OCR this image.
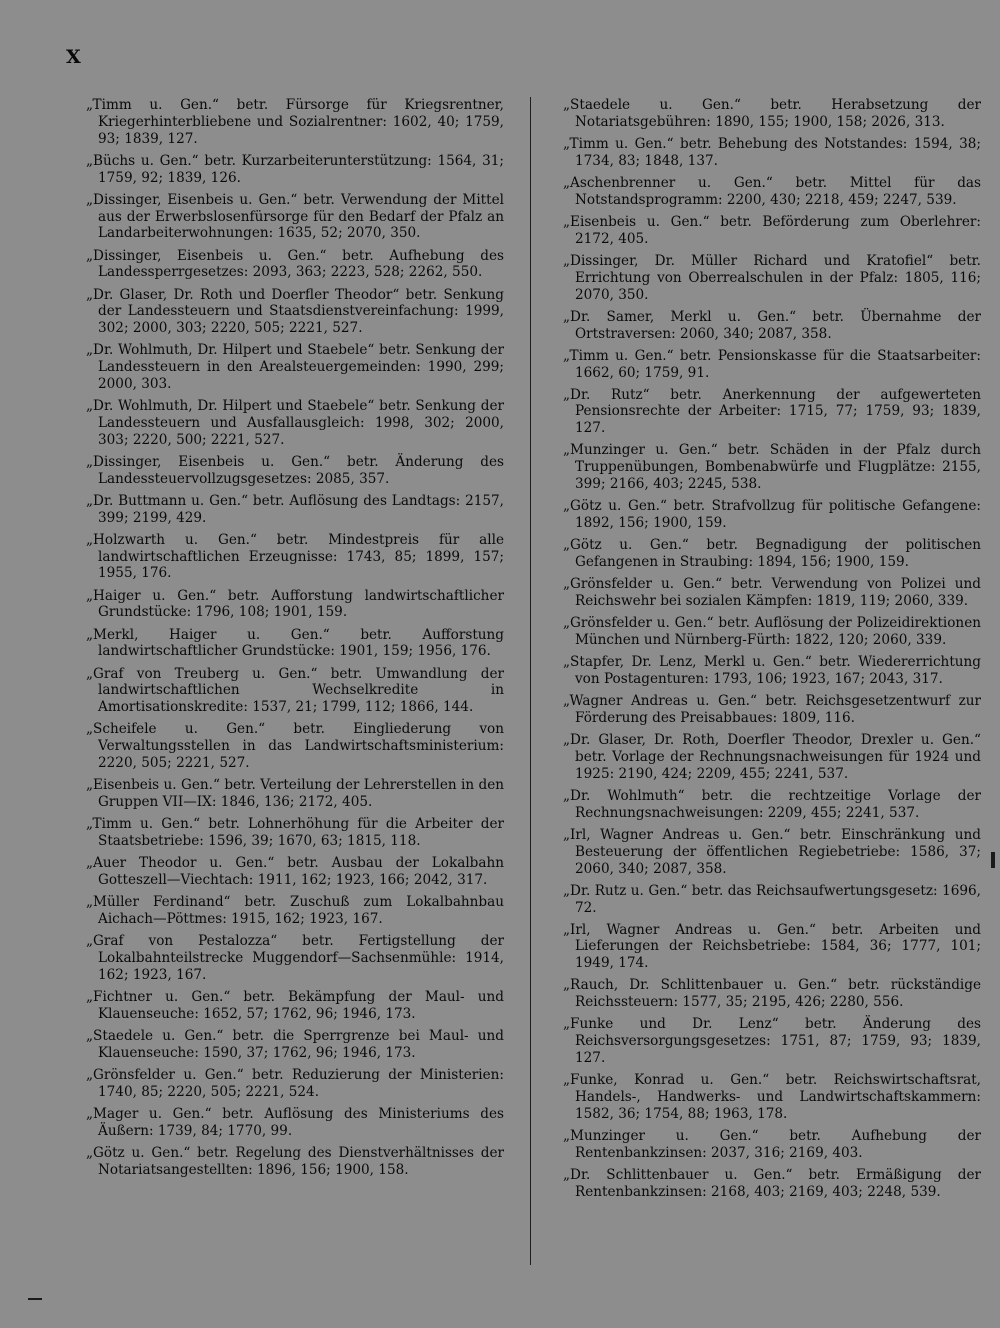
X

„Timm u. Gen.“ betr. Fürsorge für Kriegsrentner, Kriegerhinterbliebene und Sozialrentner: 1602, 40; 1759, 93; 1839, 127.

„Büchs u. Gen.“ betr. Kurzarbeiterunterstützung: 1564, 31; 1759, 92; 1839, 126.

„Dissinger, Eisenbeis u. Gen.“ betr. Verwendung der Mittel aus der Erwerbslosenfürsorge für den Bedarf der Pfalz an Landarbeiterwohnungen: 1635, 52; 2070, 350.

„Dissinger, Eisenbeis u. Gen.“ betr. Aufhebung des Landessperrgesetzes: 2093, 363; 2223, 528; 2262, 550.

„Dr. Glaser, Dr. Roth und Doerfler Theodor“ betr. Senkung der Landessteuern und Staatsdienstvereinfachung: 1999, 302; 2000, 303; 2220, 505; 2221, 527.

„Dr. Wohlmuth, Dr. Hilpert und Staebele“ betr. Senkung der Landessteuern in den Arealsteuergemeinden: 1990, 299; 2000, 303.

„Dr. Wohlmuth, Dr. Hilpert und Staebele“ betr. Senkung der Landessteuern und Ausfallausgleich: 1998, 302; 2000, 303; 2220, 500; 2221, 527.

„Dissinger, Eisenbeis u. Gen.“ betr. Änderung des Landessteuervollzugsgesetzes: 2085, 357.

„Dr. Buttmann u. Gen.“ betr. Auflösung des Landtags: 2157, 399; 2199, 429.

„Holzwarth u. Gen.“ betr. Mindestpreis für alle landwirtschaftlichen Erzeugnisse: 1743, 85; 1899, 157; 1955, 176.

„Haiger u. Gen.“ betr. Aufforstung landwirtschaftlicher Grundstücke: 1796, 108; 1901, 159.

„Merkl, Haiger u. Gen.“ betr. Aufforstung landwirtschaftlicher Grundstücke: 1901, 159; 1956, 176.

„Graf von Treuberg u. Gen.“ betr. Umwandlung der landwirtschaftlichen Wechselkredite in Amortisationskredite: 1537, 21; 1799, 112; 1866, 144.

„Scheifele u. Gen.“ betr. Eingliederung von Verwaltungsstellen in das Landwirtschaftsministerium: 2220, 505; 2221, 527.

„Eisenbeis u. Gen.“ betr. Verteilung der Lehrerstellen in den Gruppen VII—IX: 1846, 136; 2172, 405.

„Timm u. Gen.“ betr. Lohnerhöhung für die Arbeiter der Staatsbetriebe: 1596, 39; 1670, 63; 1815, 118.

„Auer Theodor u. Gen.“ betr. Ausbau der Lokalbahn Gotteszell—Viechtach: 1911, 162; 1923, 166; 2042, 317.

„Müller Ferdinand“ betr. Zuschuß zum Lokalbahnbau Aichach—Pöttmes: 1915, 162; 1923, 167.

„Graf von Pestalozza“ betr. Fertigstellung der Lokalbahnteilstrecke Muggendorf—Sachsenmühle: 1914, 162; 1923, 167.

„Fichtner u. Gen.“ betr. Bekämpfung der Maul- und Klauenseuche: 1652, 57; 1762, 96; 1946, 173.

„Staedele u. Gen.“ betr. die Sperrgrenze bei Maul- und Klauenseuche: 1590, 37; 1762, 96; 1946, 173.

„Grönsfelder u. Gen.“ betr. Reduzierung der Ministerien: 1740, 85; 2220, 505; 2221, 524.

„Mager u. Gen.“ betr. Auflösung des Ministeriums des Äußern: 1739, 84; 1770, 99.

„Götz u. Gen.“ betr. Regelung des Dienstverhältnisses der Notariatsangestellten: 1896, 156; 1900, 158.

„Staedele u. Gen.“ betr. Herabsetzung der Notariatsgebühren: 1890, 155; 1900, 158; 2026, 313.

„Timm u. Gen.“ betr. Behebung des Notstandes: 1594, 38; 1734, 83; 1848, 137.

„Aschenbrenner u. Gen.“ betr. Mittel für das Notstandsprogramm: 2200, 430; 2218, 459; 2247, 539.

„Eisenbeis u. Gen.“ betr. Beförderung zum Oberlehrer: 2172, 405.

„Dissinger, Dr. Müller Richard und Kratofiel“ betr. Errichtung von Oberrealschulen in der Pfalz: 1805, 116; 2070, 350.

„Dr. Samer, Merkl u. Gen.“ betr. Übernahme der Ortstraversen: 2060, 340; 2087, 358.

„Timm u. Gen.“ betr. Pensionskasse für die Staatsarbeiter: 1662, 60; 1759, 91.

„Dr. Rutz“ betr. Anerkennung der aufgewerteten Pensionsrechte der Arbeiter: 1715, 77; 1759, 93; 1839, 127.

„Munzinger u. Gen.“ betr. Schäden in der Pfalz durch Truppenübungen, Bombenabwürfe und Flugplätze: 2155, 399; 2166, 403; 2245, 538.

„Götz u. Gen.“ betr. Strafvollzug für politische Gefangene: 1892, 156; 1900, 159.

„Götz u. Gen.“ betr. Begnadigung der politischen Gefangenen in Straubing: 1894, 156; 1900, 159.

„Grönsfelder u. Gen.“ betr. Verwendung von Polizei und Reichswehr bei sozialen Kämpfen: 1819, 119; 2060, 339.

„Grönsfelder u. Gen.“ betr. Auflösung der Polizeidirektionen München und Nürnberg-Fürth: 1822, 120; 2060, 339.

„Stapfer, Dr. Lenz, Merkl u. Gen.“ betr. Wiedererrichtung von Postagenturen: 1793, 106; 1923, 167; 2043, 317.

„Wagner Andreas u. Gen.“ betr. Reichsgesetzentwurf zur Förderung des Preisabbaues: 1809, 116.

„Dr. Glaser, Dr. Roth, Doerfler Theodor, Drexler u. Gen.“ betr. Vorlage der Rechnungsnachweisungen für 1924 und 1925: 2190, 424; 2209, 455; 2241, 537.

„Dr. Wohlmuth“ betr. die rechtzeitige Vorlage der Rechnungsnachweisungen: 2209, 455; 2241, 537.

„Irl, Wagner Andreas u. Gen.“ betr. Einschränkung und Besteuerung der öffentlichen Regiebetriebe: 1586, 37; 2060, 340; 2087, 358.

„Dr. Rutz u. Gen.“ betr. das Reichsaufwertungsgesetz: 1696, 72.

„Irl, Wagner Andreas u. Gen.“ betr. Arbeiten und Lieferungen der Reichsbetriebe: 1584, 36; 1777, 101; 1949, 174.

„Rauch, Dr. Schlittenbauer u. Gen.“ betr. rückständige Reichssteuern: 1577, 35; 2195, 426; 2280, 556.

„Funke und Dr. Lenz“ betr. Änderung des Reichsversorgungsgesetzes: 1751, 87; 1759, 93; 1839, 127.

„Funke, Konrad u. Gen.“ betr. Reichswirtschaftsrat, Handels-, Handwerks- und Landwirtschaftskammern: 1582, 36; 1754, 88; 1963, 178.

„Munzinger u. Gen.“ betr. Aufhebung der Rentenbankzinsen: 2037, 316; 2169, 403.

„Dr. Schlittenbauer u. Gen.“ betr. Ermäßigung der Rentenbankzinsen: 2168, 403; 2169, 403; 2248, 539.
